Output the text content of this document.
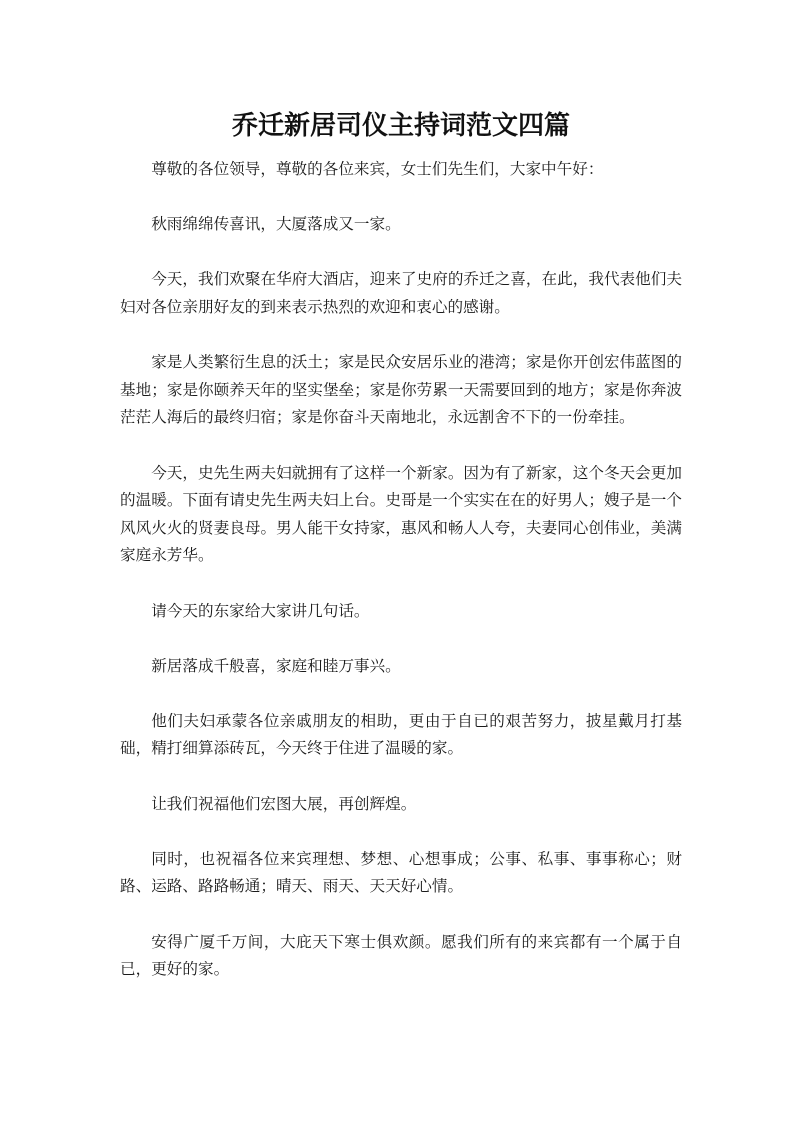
乔迁新居司仪主持词范文四篇

尊敬的各位领导，尊敬的各位来宾，女士们先生们，大家中午好：

秋雨绵绵传喜讯，大厦落成又一家。

今天，我们欢聚在华府大酒店，迎来了史府的乔迁之喜，在此，我代表他们夫妇对各位亲朋好友的到来表示热烈的欢迎和衷心的感谢。

家是人类繁衍生息的沃土；家是民众安居乐业的港湾；家是你开创宏伟蓝图的基地；家是你颐养天年的坚实堡垒；家是你劳累一天需要回到的地方；家是你奔波茫茫人海后的最终归宿；家是你奋斗天南地北，永远割舍不下的一份牵挂。

今天，史先生两夫妇就拥有了这样一个新家。因为有了新家，这个冬天会更加的温暖。下面有请史先生两夫妇上台。史哥是一个实实在在的好男人；嫂子是一个风风火火的贤妻良母。男人能干女持家，惠风和畅人人夸，夫妻同心创伟业，美满家庭永芳华。

请今天的东家给大家讲几句话。

新居落成千般喜，家庭和睦万事兴。

他们夫妇承蒙各位亲戚朋友的相助，更由于自已的艰苦努力，披星戴月打基础，精打细算添砖瓦，今天终于住进了温暖的家。

让我们祝福他们宏图大展，再创辉煌。

同时，也祝福各位来宾理想、梦想、心想事成；公事、私事、事事称心；财路、运路、路路畅通；晴天、雨天、天天好心情。

安得广厦千万间，大庇天下寒士俱欢颜。愿我们所有的来宾都有一个属于自已，更好的家。
